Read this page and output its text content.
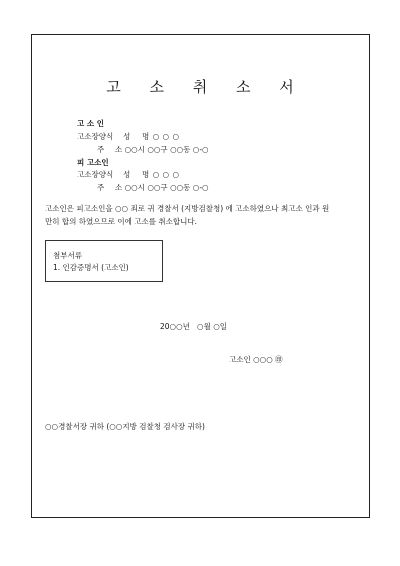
고 소 취 소 서
고 소 인
고소장양식 성 명 ○ ○ ○
주 소 ○○시 ○○구 ○○동 ○-○
피 고소인
고소장양식 성 명 ○ ○ ○
주 소 ○○시 ○○구 ○○동 ○-○
고소인은 피고소인을 ○○ 죄로 귀 경찰서 (지방검찰청) 에 고소하였으나 최고소 인과 원
만히 합의 하였으므로 이에 고소를 취소합니다.
첨부서류
1. 인감증명서 (고소인)
20○○년   ○월 ○일
고소인 ○○○ ㊞
○○경찰서장 귀하 (○○지방 검찰청 검사장 귀하)
